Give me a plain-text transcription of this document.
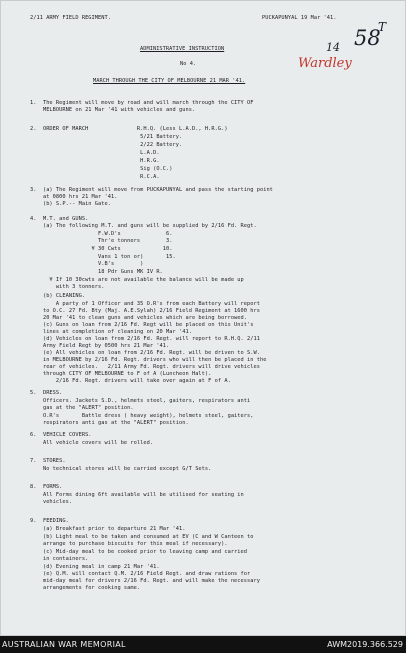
2/11 ARMY FIELD REGIMENT.	PUCKAPUNYAL 19 Mar '41.
58
T
14
Wardley
ADMINISTRATIVE INSTRUCTION
No 4.
MARCH THROUGH THE CITY OF MELBOURNE 21 MAR '41.
1.  The Regiment will move by road and will march through the CITY OF
MELBOURNE on 21 Mar '41 with vehicles and guns.
2.  ORDER OF MARCH               R.H.Q. (Less L.A.D., H.R.G.)
5/21 Battery.
2/22 Battery.
L.A.D.
H.R.G.
Sig (O.C.)
R.C.A.
3.  (a) The Regiment will move from PUCKAPUNYAL and pass the starting point
at 0800 hrs 21 Mar '41.
(b) S.P.-- Main Gate.
4.  M.T. and GUNS.
(a) The following M.T. and guns will be supplied by 2/16 Fd. Regt.
F.W.D's              6.
Thr'e tonners        3.
¥ 30 Cwts             10.
Vans 1 ton or)       15.
V.B's        )
18 Pdr Guns MK IV R.
¥ If 10 30cwts are not available the balance will be made up
with 3 tonners.
(b) CLEANING.
A party of 1 Officer and 35 O.R's from each Battery will report
to O.C. 27 Fd. Bty (Maj. A.E.Sylah) 2/16 Field Regiment at 1600 hrs
20 Mar '41 to clean guns and vehicles which are being borrowed.
(c) Guns on loan from 2/16 Fd. Regt will be placed on this Unit's
lines at completion of cleaning on 20 Mar '41.
(d) Vehicles on loan from 2/16 Fd. Regt. will report to R.H.Q. 2/11
Army Field Regt by 0500 hrs 21 Mar '41.
(e) All vehicles on loan from 2/16 Fd. Regt. will be driven to S.W.
in MELBOURNE by 2/16 Fd. Regt. drivers who will then be placed in the
rear of vehicles.   2/11 Army Fd. Regt. drivers will drive vehicles
through CITY OF MELBOURNE to F of A (Luncheon Halt).
2/16 Fd. Regt. drivers will take over again at F of A.
5.  DRESS.
Officers. Jackets S.D., helmets steel, gaiters, respirators anti
gas at the "ALERT" position.
O.R's       Battle dress ( heavy weight), helmets steel, gaiters,
respirators anti gas at the "ALERT" position.
6.  VEHICLE COVERS.
All vehicle covers will be rolled.
7.  STORES.
No technical stores will be carried except G/T Sets.
8.  FORMS.
All Forms dining 6ft available will be utilised for seating in
vehicles.
9.  FEEDING.
(a) Breakfast prior to departure 21 Mar '41.
(b) Light meal to be taken and consumed at EV (C and W Canteen to
arrange to purchase biscuits for this meal if necessary).
(c) Mid-day meal to be cooked prior to leaving camp and carried
in containers.
(d) Evening meal in camp 21 Mar '41.
(e) Q.M. will contact Q.M. 2/16 Field Regt. and draw rations for
mid-day meal for drivers 2/16 Fd. Regt. and will make the necessary
arrangements for cooking same.
AUSTRALIAN WAR MEMORIAL	AWM2019.366.529
